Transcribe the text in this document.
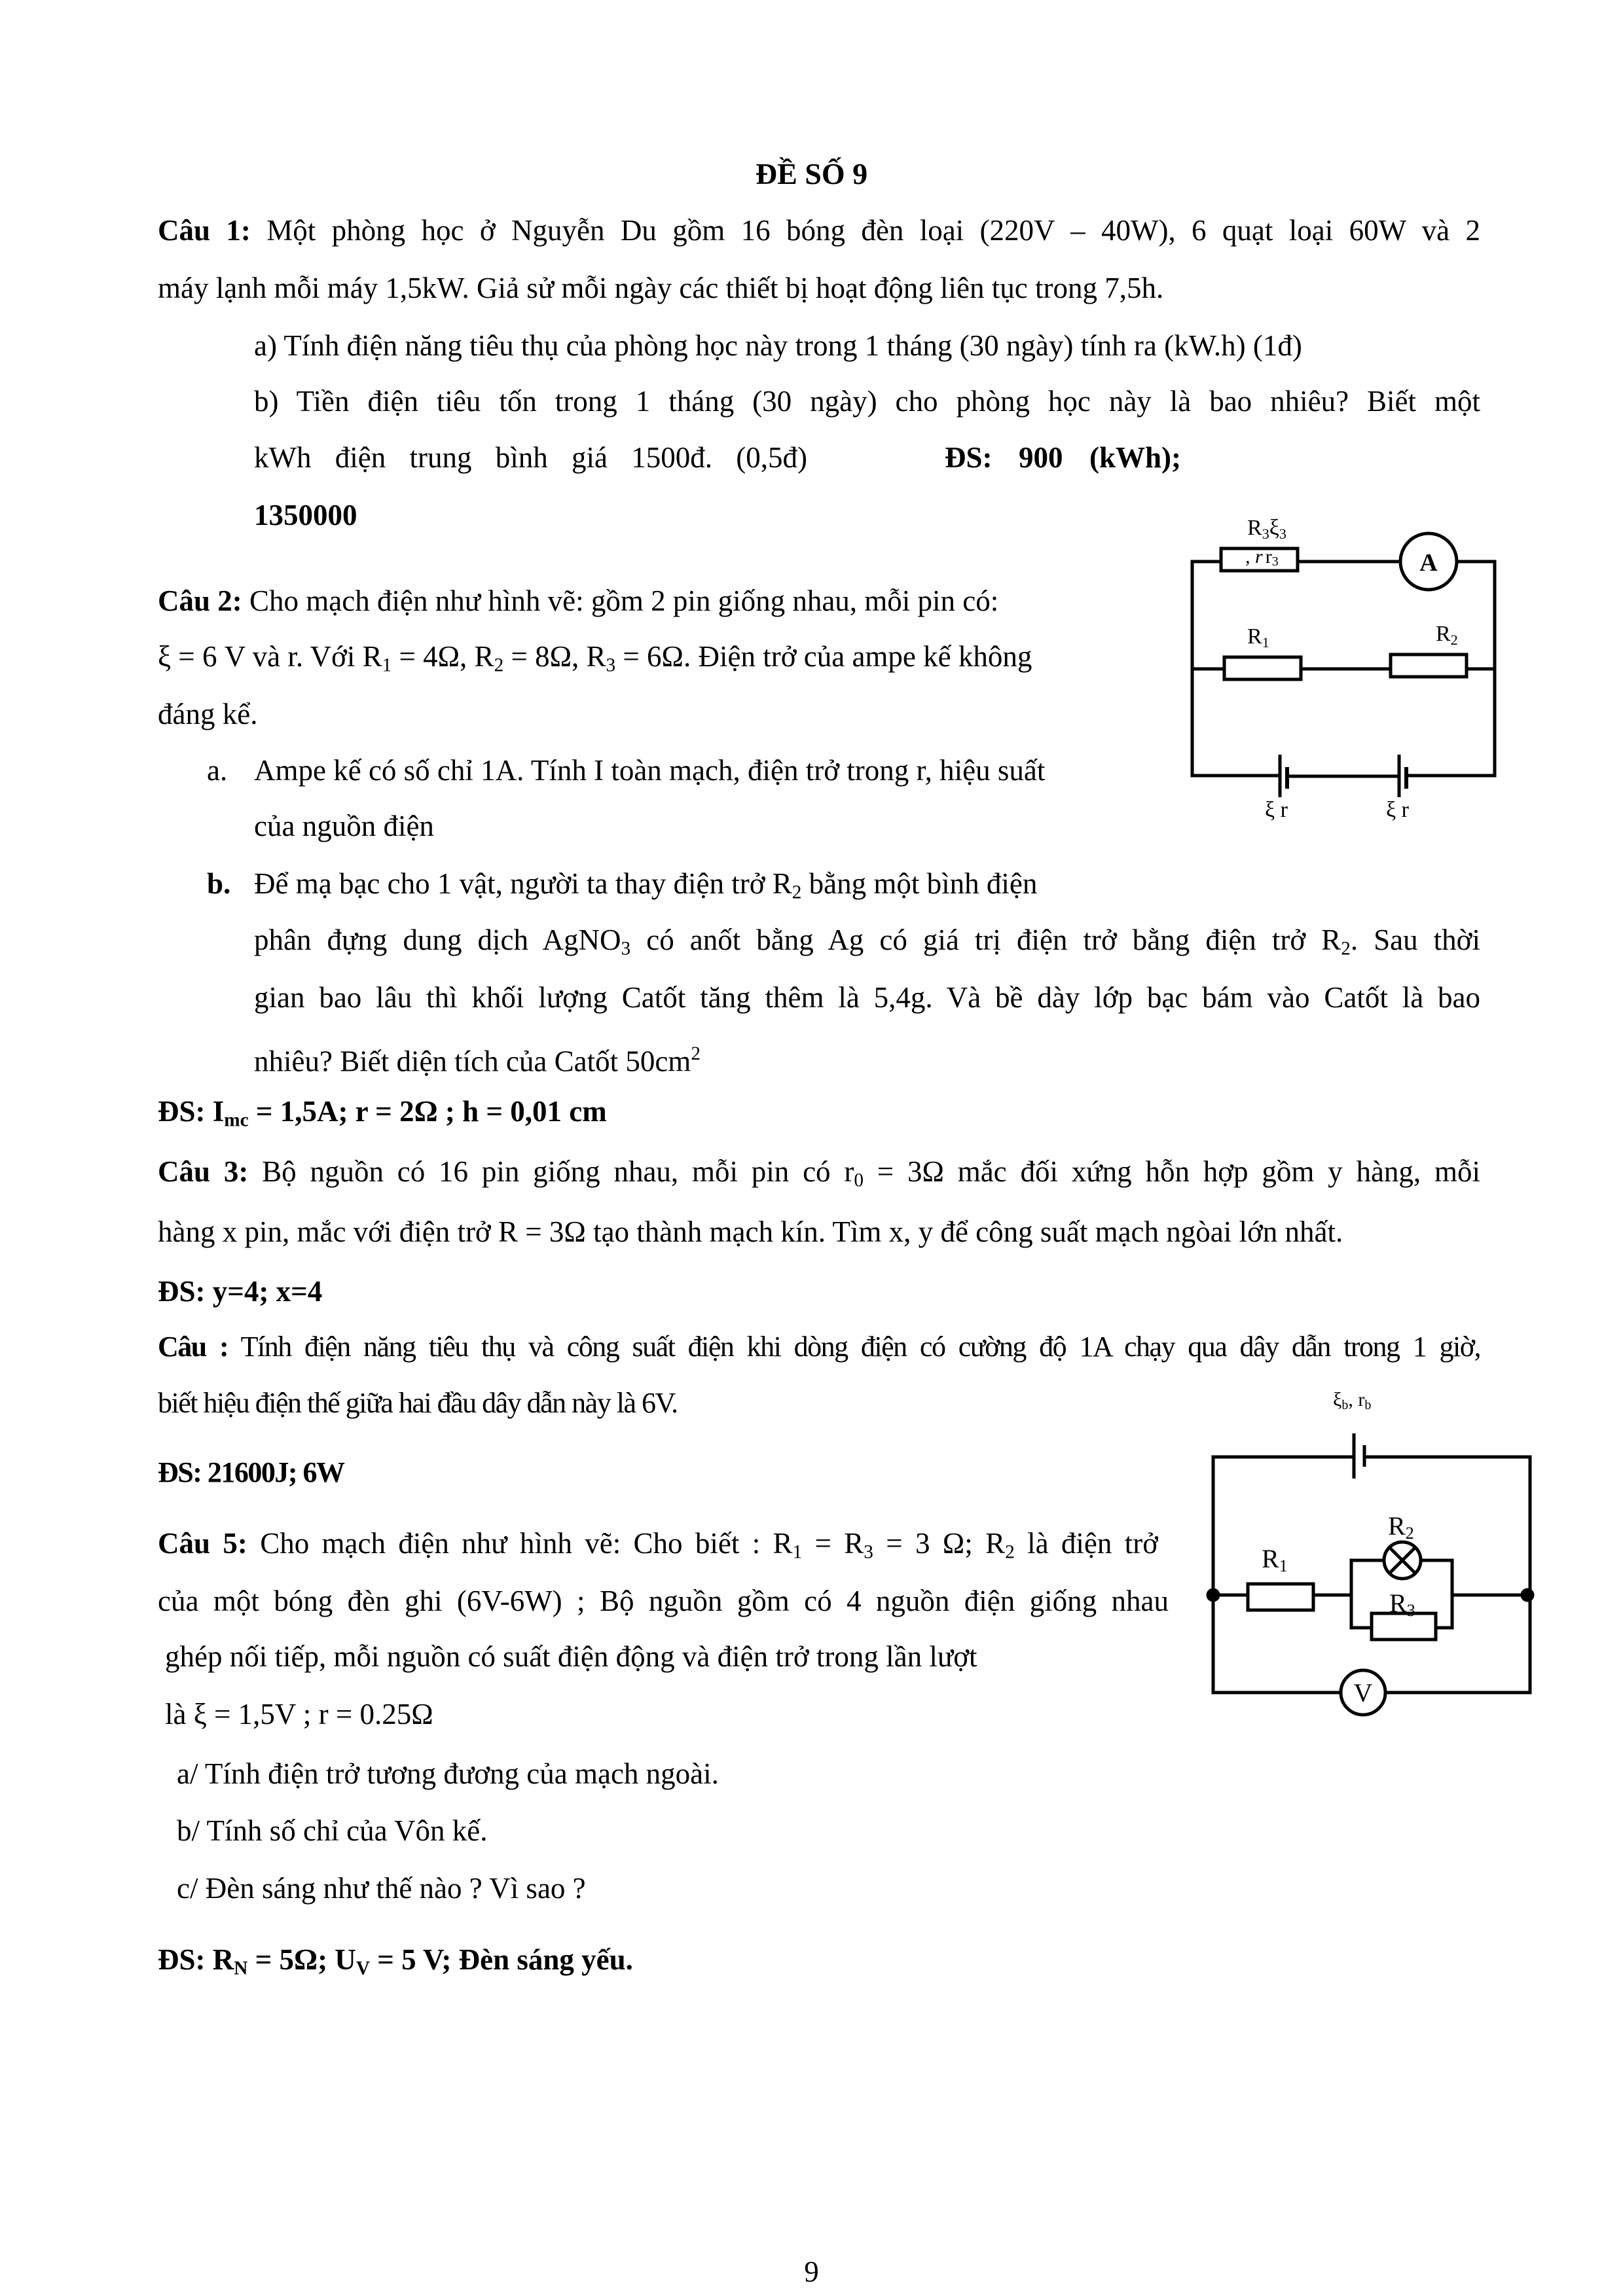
ĐỀ SỐ 9
Câu 1: Một phòng học ở Nguyễn Du gồm 16 bóng đèn loại (220V – 40W), 6 quạt loại 60W và 2
máy lạnh mỗi máy 1,5kW. Giả sử mỗi ngày các thiết bị hoạt động liên tục trong 7,5h.
a) Tính điện năng tiêu thụ của phòng học này trong 1 tháng (30 ngày) tính ra (kW.h) (1đ)
b) Tiền điện tiêu tốn trong 1 tháng (30 ngày) cho phòng học này là bao nhiêu? Biết một
kWh điện trung bình giá 1500đ. (0,5đ)	ĐS: 900 (kWh);
1350000
Câu 2: Cho mạch điện như hình vẽ: gồm 2 pin giống nhau, mỗi pin có:
ξ = 6 V và r. Với $R_1 = 4\Omega$, $R_2 = 8\Omega$, $R_3 = 6\Omega$. Điện trở của ampe kế không
đáng kể.
a. Ampe kế có số chỉ 1A. Tính I toàn mạch, điện trở trong r, hiệu suất
của nguồn điện
b. Để mạ bạc cho 1 vật, người ta thay điện trở $R_2$ bằng một bình điện
phân đựng dung dịch AgNO$_3$ có anốt bằng Ag có giá trị điện trở bằng điện trở $R_2$. Sau thời
gian bao lâu thì khối lượng Catốt tăng thêm là 5,4g. Và bề dày lớp bạc bám vào Catốt là bao
nhiêu? Biết diện tích của Catốt $50cm^2$
ĐS: $I_{mc} = 1,5A$; r = 2Ω ; h = 0,01 cm
Câu 3: Bộ nguồn có 16 pin giống nhau, mỗi pin có $r_0 = 3\Omega$ mắc đối xứng hỗn hợp gồm y hàng, mỗi
hàng x pin, mắc với điện trở R = 3Ω tạo thành mạch kín. Tìm x, y để công suất mạch ngòai lớn nhất.
ĐS: y=4; x=4
Câu : Tính điện năng tiêu thụ và công suất điện khi dòng điện có cường độ 1A chạy qua dây dẫn trong 1 giờ,
biết hiệu điện thế giữa hai đầu dây dẫn này là 6V.
ĐS: 21600J; 6W
Câu 5: Cho mạch điện như hình vẽ: Cho biết : $R_1 = R_3 = 3$ Ω; $R_2$ là điện trở
của một bóng đèn ghi (6V-6W) ; Bộ nguồn gồm có 4 nguồn điện giống nhau
ghép nối tiếp, mỗi nguồn có suất điện động và điện trở trong lần lượt
là ξ = 1,5V ; r = 0.25Ω
a/ Tính điện trở tương đương của mạch ngoài.
b/ Tính số chỉ của Vôn kế.
c/ Đèn sáng như thế nào ? Vì sao ?
ĐS: $R_N = 5\Omega$; $U_V = 5$ V; Đèn sáng yếu.
9
R3ξ3
, r r3	A
R1	R2
ξ r	ξ r
ξb, rb
R1
R2
R3
V
